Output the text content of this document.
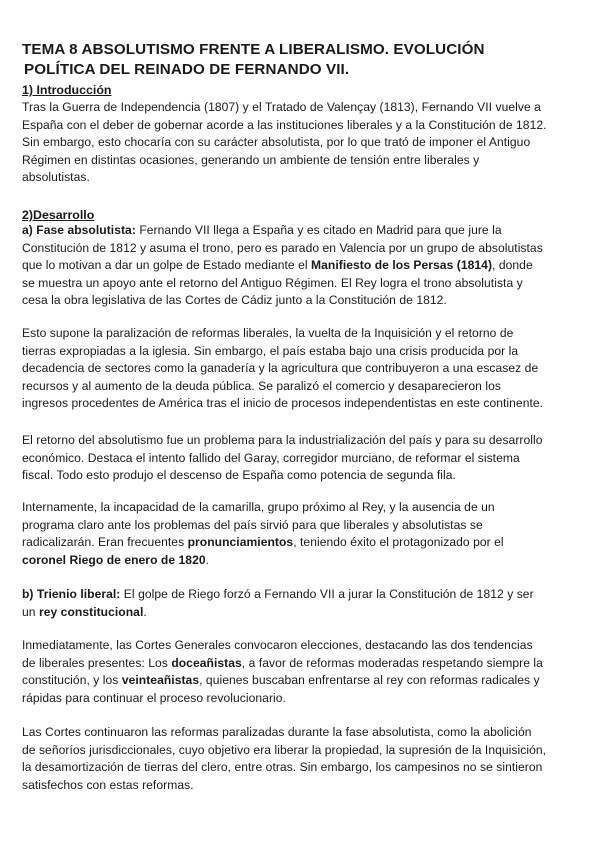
TEMA 8 ABSOLUTISMO FRENTE A LIBERALISMO. EVOLUCIÓN
POLÍTICA DEL REINADO DE FERNANDO VII.
1) Introducción
Tras la Guerra de Independencia (1807) y el Tratado de Valençay (1813), Fernando VII vuelve a
España con el deber de gobernar acorde a las instituciones liberales y a la Constitución de 1812.
Sin embargo, esto chocaría con su carácter absolutista, por lo que trató de imponer el Antiguo
Régimen en distintas ocasiones, generando un ambiente de tensión entre liberales y
absolutistas.
2)Desarrollo
a) Fase absolutista: Fernando VII llega a España y es citado en Madrid para que jure la
Constitución de 1812 y asuma el trono, pero es parado en Valencia por un grupo de absolutistas
que lo motivan a dar un golpe de Estado mediante el Manifiesto de los Persas (1814), donde
se muestra un apoyo ante el retorno del Antiguo Régimen. El Rey logra el trono absolutista y
cesa la obra legislativa de las Cortes de Cádiz junto a la Constitución de 1812.
Esto supone la paralización de reformas liberales, la vuelta de la Inquisición y el retorno de
tierras expropiadas a la iglesia. Sin embargo, el país estaba bajo una crisis producida por la
decadencia de sectores como la ganadería y la agricultura que contribuyeron a una escasez de
recursos y al aumento de la deuda pública. Se paralizó el comercio y desaparecieron los
ingresos procedentes de América tras el inicio de procesos independentistas en este continente.
El retorno del absolutismo fue un problema para la industrialización del país y para su desarrollo
económico. Destaca el intento fallido del Garay, corregidor murciano, de reformar el sistema
fiscal. Todo esto produjo el descenso de España como potencia de segunda fila.
Internamente, la incapacidad de la camarilla, grupo próximo al Rey, y la ausencia de un
programa claro ante los problemas del país sirvió para que liberales y absolutistas se
radicalizarán. Eran frecuentes pronunciamientos, teniendo éxito el protagonizado por el
coronel Riego de enero de 1820.
b) Trienio liberal: El golpe de Riego forzó a Fernando VII a jurar la Constitución de 1812 y ser
un rey constitucional.
Inmediatamente, las Cortes Generales convocaron elecciones, destacando las dos tendencias
de liberales presentes: Los doceañistas, a favor de reformas moderadas respetando siempre la
constitución, y los veinteañistas, quienes buscaban enfrentarse al rey con reformas radicales y
rápidas para continuar el proceso revolucionario.
Las Cortes continuaron las reformas paralizadas durante la fase absolutista, como la abolición
de señoríos jurisdiccionales, cuyo objetivo era liberar la propiedad, la supresión de la Inquisición,
la desamortización de tierras del clero, entre otras. Sin embargo, los campesinos no se sintieron
satisfechos con estas reformas.
